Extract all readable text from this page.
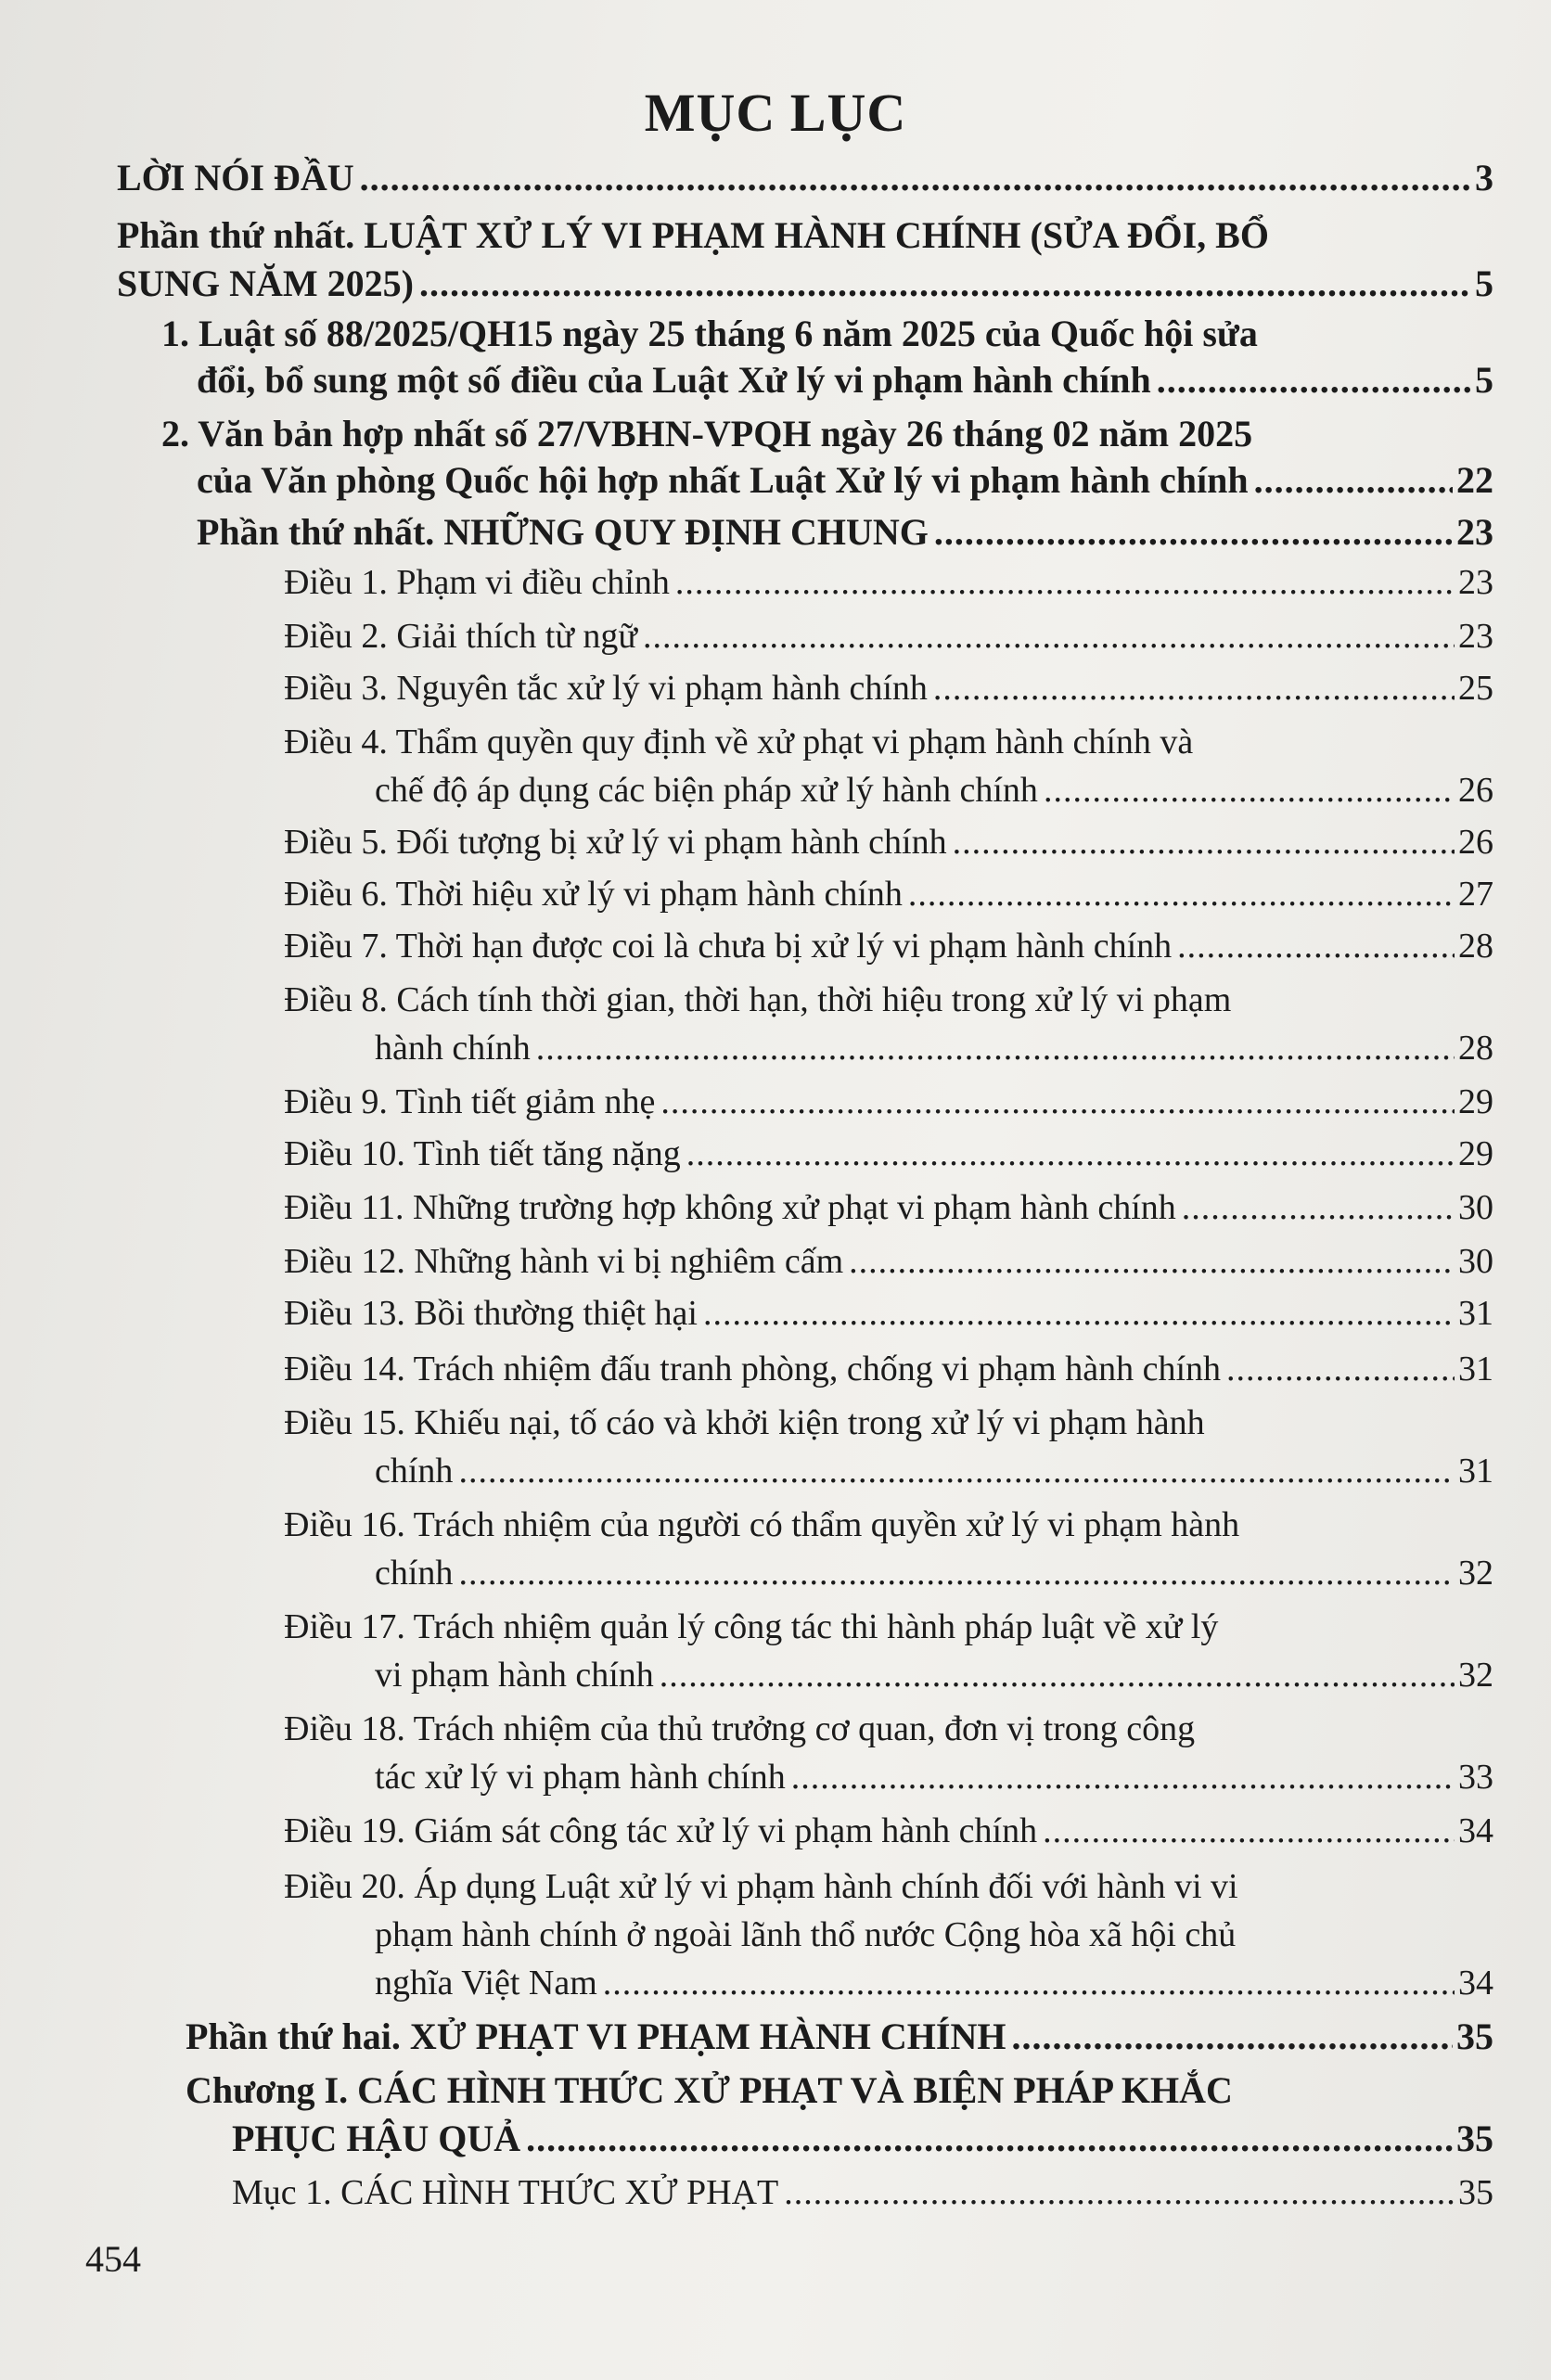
MỤC LỤC
LỜI NÓI ĐẦU .....	3
Phần thứ nhất. LUẬT XỬ LÝ VI PHẠM HÀNH CHÍNH (SỬA ĐỔI, BỔ
SUNG NĂM 2025) .....	5
1. Luật số 88/2025/QH15 ngày 25 tháng 6 năm 2025 của Quốc hội sửa
đổi, bổ sung một số điều của Luật Xử lý vi phạm hành chính .....	5
2. Văn bản hợp nhất số 27/VBHN-VPQH ngày 26 tháng 02 năm 2025
của Văn phòng Quốc hội hợp nhất Luật Xử lý vi phạm hành chính .....	22
Phần thứ nhất. NHỮNG QUY ĐỊNH CHUNG .....	23
Điều 1. Phạm vi điều chỉnh .....	23
Điều 2. Giải thích từ ngữ .....	23
Điều 3. Nguyên tắc xử lý vi phạm hành chính .....	25
Điều 4. Thẩm quyền quy định về xử phạt vi phạm hành chính và
chế độ áp dụng các biện pháp xử lý hành chính .....	26
Điều 5. Đối tượng bị xử lý vi phạm hành chính .....	26
Điều 6. Thời hiệu xử lý vi phạm hành chính .....	27
Điều 7. Thời hạn được coi là chưa bị xử lý vi phạm hành chính .....	28
Điều 8. Cách tính thời gian, thời hạn, thời hiệu trong xử lý vi phạm
hành chính .....	28
Điều 9. Tình tiết giảm nhẹ .....	29
Điều 10. Tình tiết tăng nặng .....	29
Điều 11. Những trường hợp không xử phạt vi phạm hành chính .....	30
Điều 12. Những hành vi bị nghiêm cấm .....	30
Điều 13. Bồi thường thiệt hại .....	31
Điều 14. Trách nhiệm đấu tranh phòng, chống vi phạm hành chính .....	31
Điều 15. Khiếu nại, tố cáo và khởi kiện trong xử lý vi phạm hành
chính .....	31
Điều 16. Trách nhiệm của người có thẩm quyền xử lý vi phạm hành
chính .....	32
Điều 17. Trách nhiệm quản lý công tác thi hành pháp luật về xử lý
vi phạm hành chính .....	32
Điều 18. Trách nhiệm của thủ trưởng cơ quan, đơn vị trong công
tác xử lý vi phạm hành chính .....	33
Điều 19. Giám sát công tác xử lý vi phạm hành chính .....	34
Điều 20. Áp dụng Luật xử lý vi phạm hành chính đối với hành vi vi
phạm hành chính ở ngoài lãnh thổ nước Cộng hòa xã hội chủ
nghĩa Việt Nam .....	34
Phần thứ hai. XỬ PHẠT VI PHẠM HÀNH CHÍNH .....	35
Chương I. CÁC HÌNH THỨC XỬ PHẠT VÀ BIỆN PHÁP KHẮC
PHỤC HẬU QUẢ .....	35
Mục 1. CÁC HÌNH THỨC XỬ PHẠT .....	35
454
